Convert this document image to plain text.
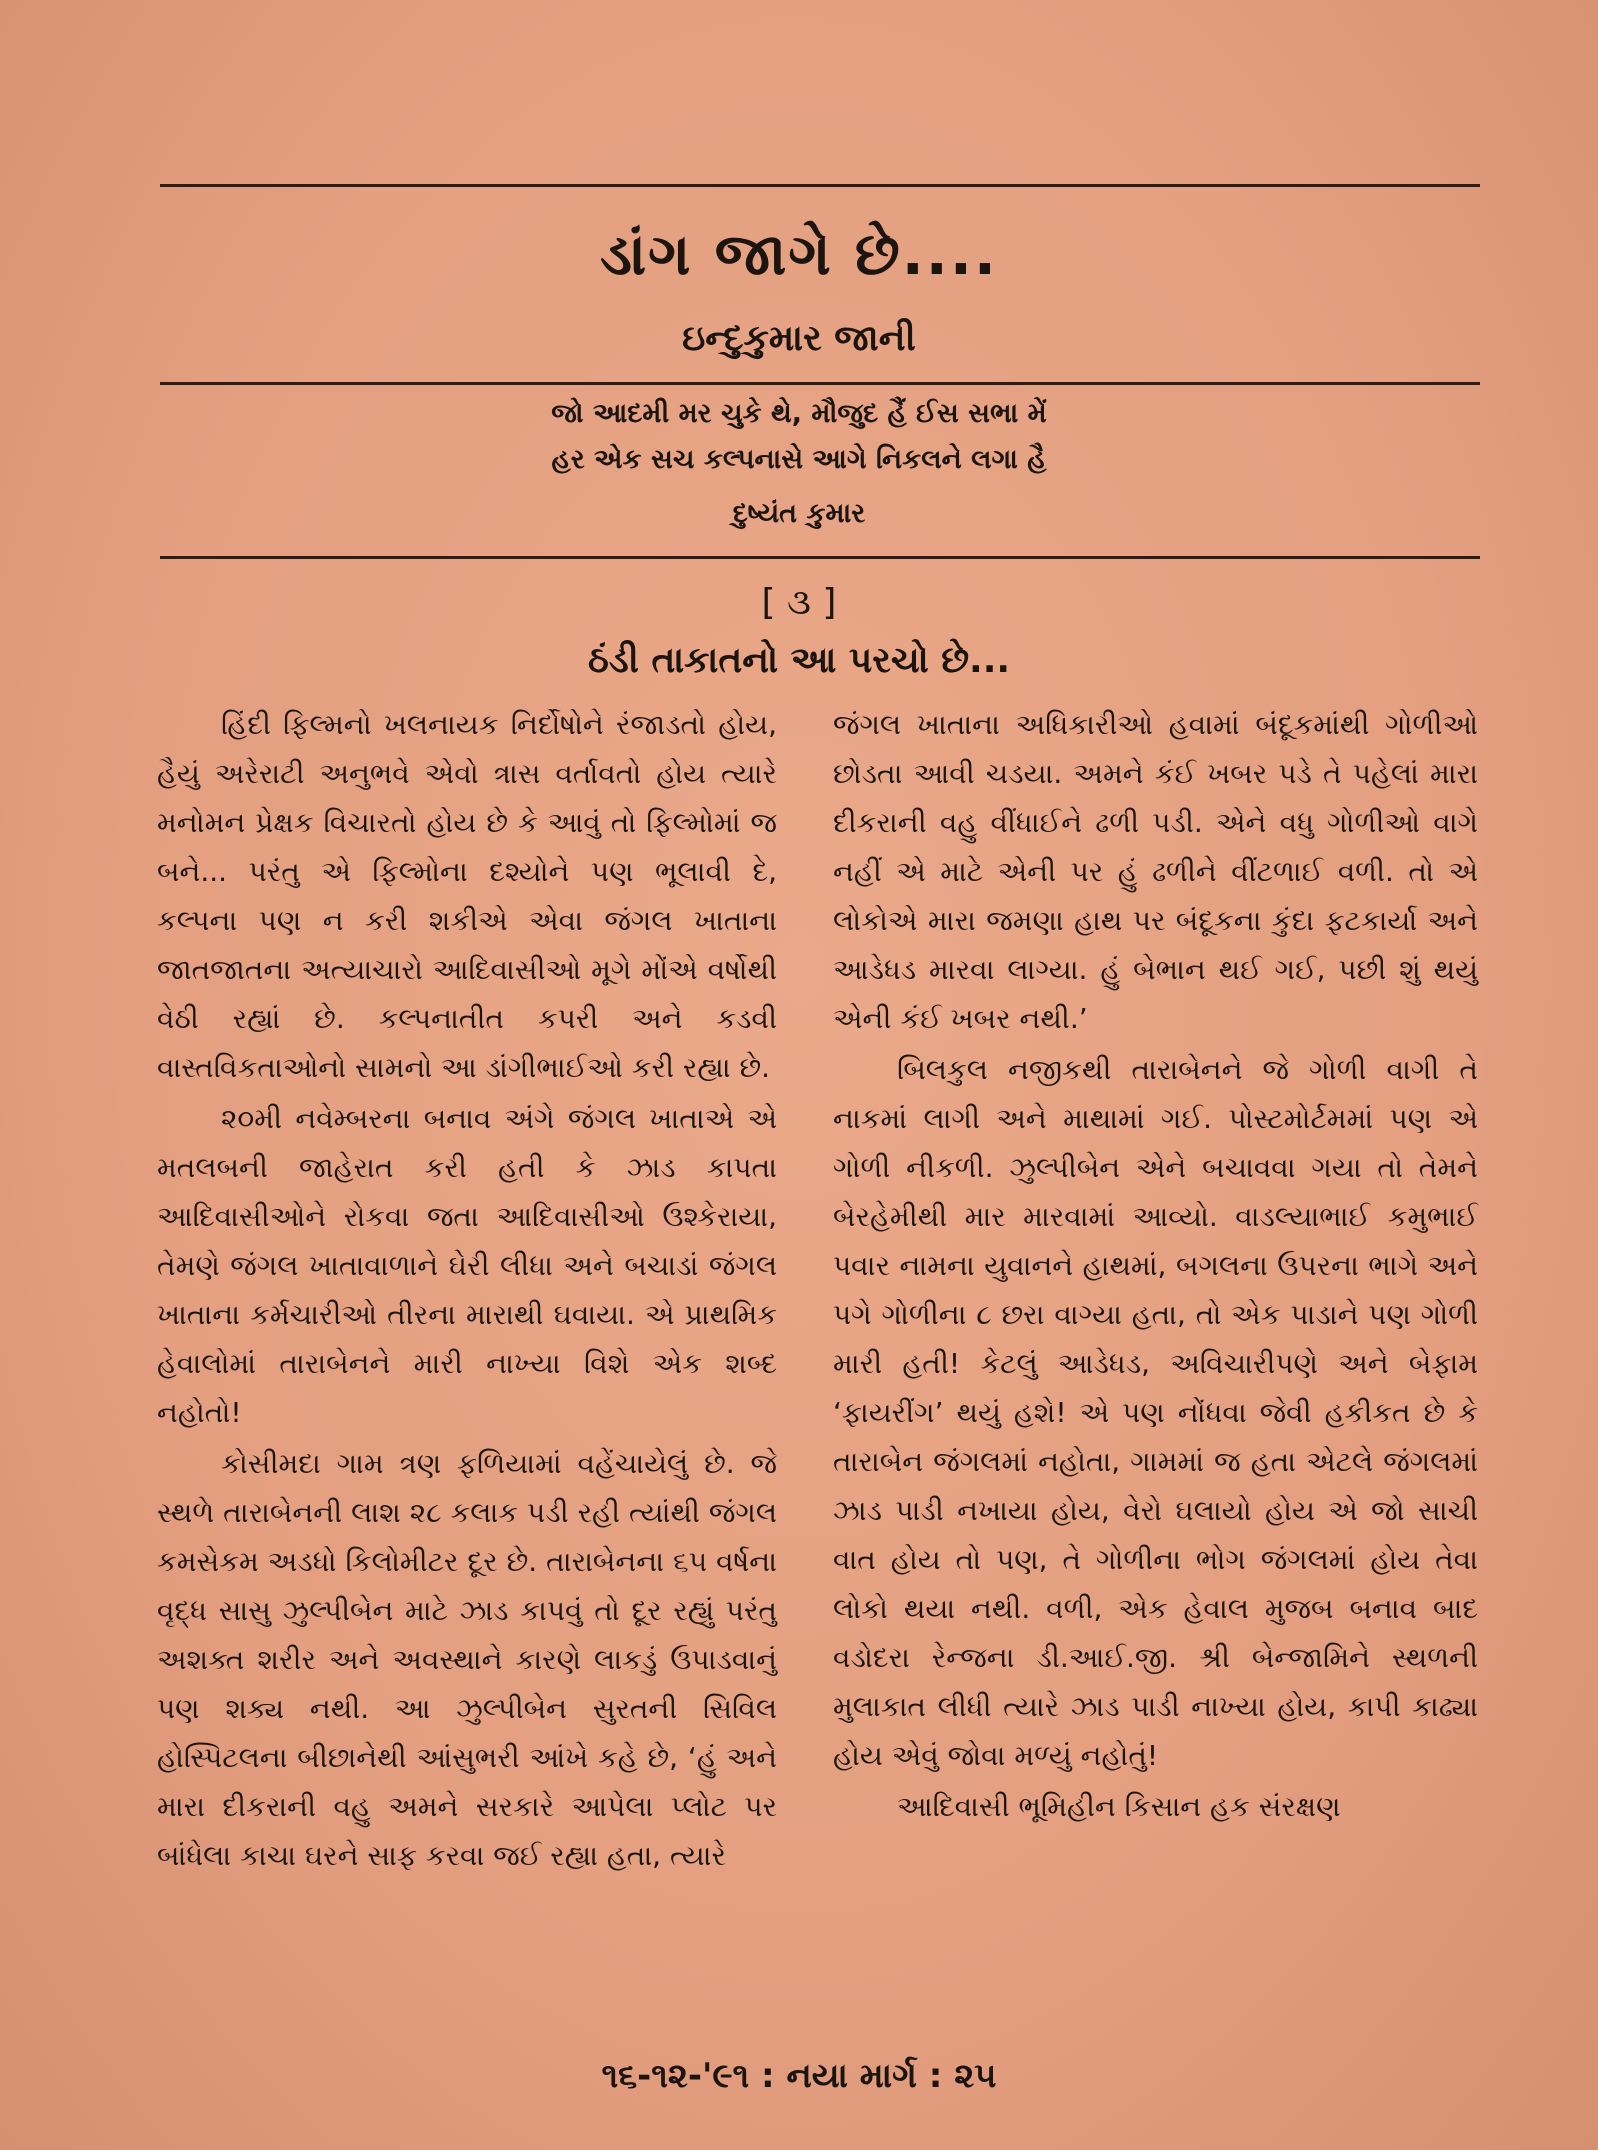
ડાંગ જાગે છે....
ઇન્દુકુમાર જાની
જો આદમી મર ચુકે થે, મૌજુદ હૈં ઈસ સભા મેં
હર એક સચ કલ્પનાસે આગે નિકલને લગા હૈ
દુષ્યંત કુમાર
[ ૩ ]
ઠંડી તાકાતનો આ પરચો છે...

હિંદી ફિલ્મનો ખલનાયક નિર્દોષોને રંજાડતો હોય, હૈયું અરેરાટી અનુભવે એવો ત્રાસ વર્તાવતો હોય ત્યારે મનોમન પ્રેક્ષક વિચારતો હોય છે કે આવું તો ફિલ્મોમાં જ બને... પરંતુ એ ફિલ્મોના દશ્યોને પણ ભૂલાવી દે, કલ્પના પણ ન કરી શકીએ એવા જંગલ ખાતાના જાતજાતના અત્યાચારો આદિવાસીઓ મૂગે મોંએ વર્ષોથી વેઠી રહ્યાં છે. કલ્પનાતીત કપરી અને કડવી વાસ્તવિકતાઓનો સામનો આ ડાંગીભાઈઓ કરી રહ્યા છે.

૨૦મી નવેમ્બરના બનાવ અંગે જંગલ ખાતાએ એ મતલબની જાહેરાત કરી હતી કે ઝાડ કાપતા આદિવાસીઓને રોકવા જતા આદિવાસીઓ ઉશ્કેરાયા, તેમણે જંગલ ખાતાવાળાને ઘેરી લીધા અને બચાડાં જંગલ ખાતાના કર્મચારીઓ તીરના મારાથી ઘવાયા. એ પ્રાથમિક હેવાલોમાં તારાબેનને મારી નાખ્યા વિશે એક શબ્દ નહોતો!

કોસીમદા ગામ ત્રણ ફળિયામાં વહેંચાયેલું છે. જે સ્થળે તારાબેનની લાશ ૨૮ કલાક પડી રહી ત્યાંથી જંગલ કમસેકમ અડધો કિલોમીટર દૂર છે. તારાબેનના ૬૫ વર્ષના વૃદ્ધ સાસુ ઝુલ્પીબેન માટે ઝાડ કાપવું તો દૂર રહ્યું પરંતુ અશક્ત શરીર અને અવસ્થાને કારણે લાકડું ઉપાડવાનું પણ શક્ય નથી. આ ઝુલ્પીબેન સુરતની સિવિલ હોસ્પિટલના બીછાનેથી આંસુભરી આંખે કહે છે, ‘હું અને મારા દીકરાની વહુ અમને સરકારે આપેલા પ્લોટ પર બાંધેલા કાચા ઘરને સાફ કરવા જઈ રહ્યા હતા, ત્યારે

જંગલ ખાતાના અધિકારીઓ હવામાં બંદૂકમાંથી ગોળીઓ છોડતા આવી ચડયા. અમને કંઈ ખબર પડે તે પહેલાં મારા દીકરાની વહુ વીંધાઈને ઢળી પડી. એને વધુ ગોળીઓ વાગે નહીં એ માટે એની પર હું ઢળીને વીંટળાઈ વળી. તો એ લોકોએ મારા જમણા હાથ પર બંદૂકના કુંદા ફટકાર્યા અને આડેધડ મારવા લાગ્યા. હું બેભાન થઈ ગઈ, પછી શું થયું એની કંઈ ખબર નથી.’

બિલકુલ નજીકથી તારાબેનને જે ગોળી વાગી તે નાકમાં લાગી અને માથામાં ગઈ. પોસ્ટમોર્ટમમાં પણ એ ગોળી નીકળી. ઝુલ્પીબેન એને બચાવવા ગયા તો તેમને બેરહેમીથી માર મારવામાં આવ્યો. વાડલ્યાભાઈ કમુભાઈ પવાર નામના યુવાનને હાથમાં, બગલના ઉપરના ભાગે અને પગે ગોળીના ૮ છરા વાગ્યા હતા, તો એક પાડાને પણ ગોળી મારી હતી! કેટલું આડેધડ, અવિચારીપણે અને બેફામ ‘ફાયરીંગ’ થયું હશે! એ પણ નોંધવા જેવી હકીકત છે કે તારાબેન જંગલમાં નહોતા, ગામમાં જ હતા એટલે જંગલમાં ઝાડ પાડી નખાયા હોય, વેરો ઘલાયો હોય એ જો સાચી વાત હોય તો પણ, તે ગોળીના ભોગ જંગલમાં હોય તેવા લોકો થયા નથી. વળી, એક હેવાલ મુજબ બનાવ બાદ વડોદરા રેન્જના ડી.આઈ.જી. શ્રી બેન્જામિને સ્થળની મુલાકાત લીધી ત્યારે ઝાડ પાડી નાખ્યા હોય, કાપી કાઢ્યા હોય એવું જોવા મળ્યું નહોતું!

આદિવાસી ભૂમિહીન કિસાન હક સંરક્ષણ

૧૬-૧૨-'૯૧ : નયા માર્ગ : ૨૫
